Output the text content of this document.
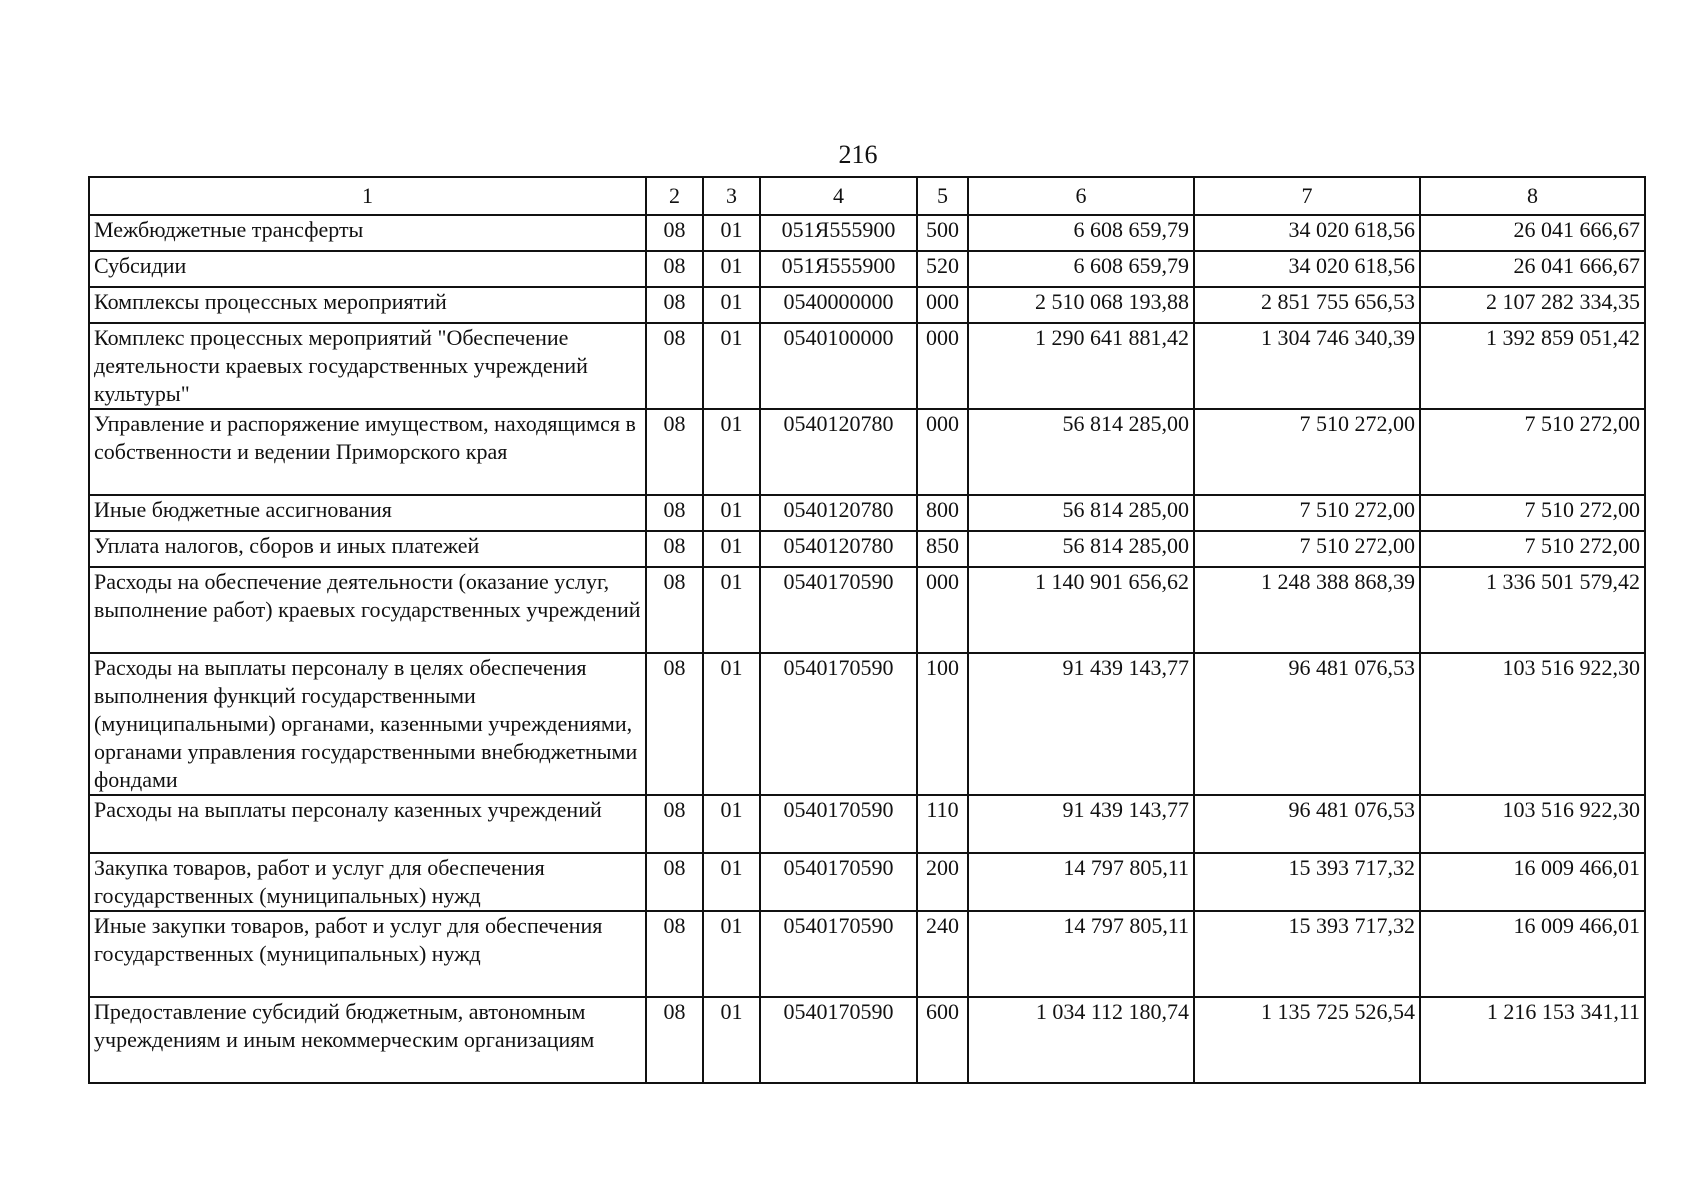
216
1	2	3	4	5	6	7	8
Межбюджетные трансферты	08	01	051Я555900	500	6 608 659,79	34 020 618,56	26 041 666,67
Субсидии	08	01	051Я555900	520	6 608 659,79	34 020 618,56	26 041 666,67
Комплексы процессных мероприятий	08	01	0540000000	000	2 510 068 193,88	2 851 755 656,53	2 107 282 334,35
Комплекс процессных мероприятий "Обеспечение деятельности краевых государственных учреждений культуры"	08	01	0540100000	000	1 290 641 881,42	1 304 746 340,39	1 392 859 051,42
Управление и распоряжение имуществом, находящимся в собственности и ведении Приморского края	08	01	0540120780	000	56 814 285,00	7 510 272,00	7 510 272,00
Иные бюджетные ассигнования	08	01	0540120780	800	56 814 285,00	7 510 272,00	7 510 272,00
Уплата налогов, сборов и иных платежей	08	01	0540120780	850	56 814 285,00	7 510 272,00	7 510 272,00
Расходы на обеспечение деятельности (оказание услуг, выполнение работ) краевых государственных учреждений	08	01	0540170590	000	1 140 901 656,62	1 248 388 868,39	1 336 501 579,42
Расходы на выплаты персоналу в целях обеспечения выполнения функций государственными (муниципальными) органами, казенными учреждениями, органами управления государственными внебюджетными фондами	08	01	0540170590	100	91 439 143,77	96 481 076,53	103 516 922,30
Расходы на выплаты персоналу казенных учреждений	08	01	0540170590	110	91 439 143,77	96 481 076,53	103 516 922,30
Закупка товаров, работ и услуг для обеспечения государственных (муниципальных) нужд	08	01	0540170590	200	14 797 805,11	15 393 717,32	16 009 466,01
Иные закупки товаров, работ и услуг для обеспечения государственных (муниципальных) нужд	08	01	0540170590	240	14 797 805,11	15 393 717,32	16 009 466,01
Предоставление субсидий бюджетным, автономным учреждениям и иным некоммерческим организациям	08	01	0540170590	600	1 034 112 180,74	1 135 725 526,54	1 216 153 341,11
